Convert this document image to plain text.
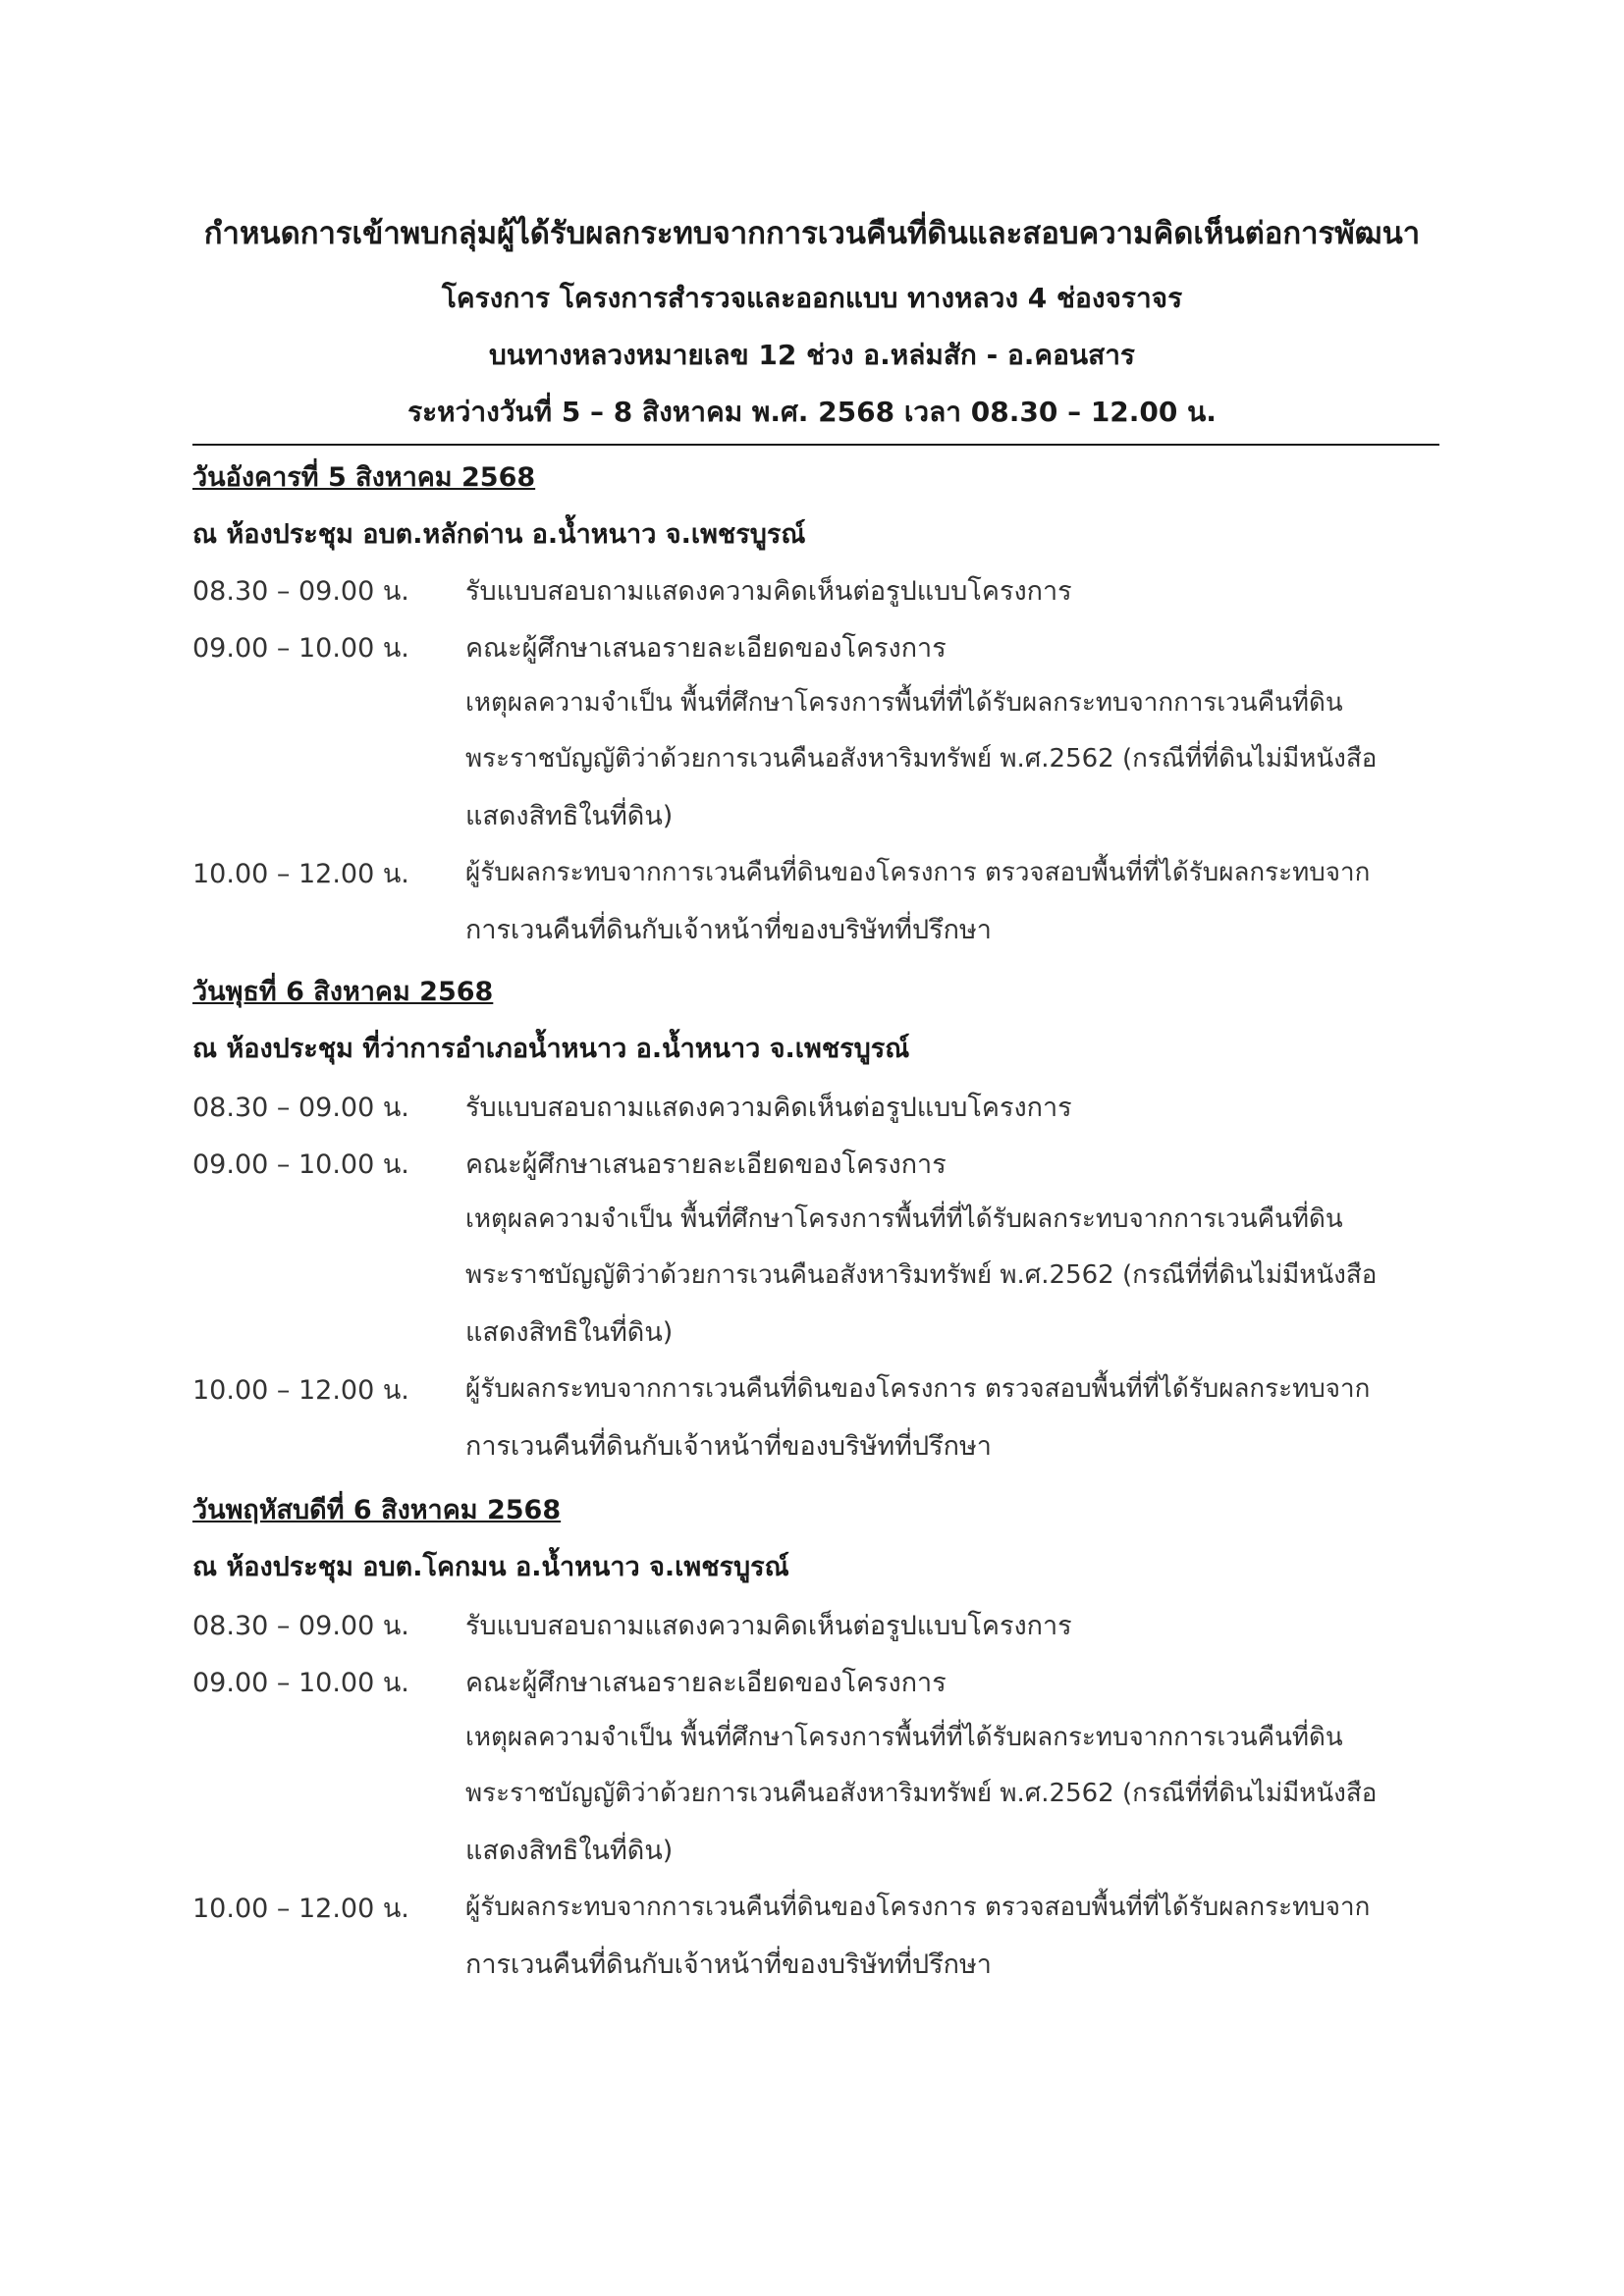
กำหนดการเข้าพบกลุ่มผู้ได้รับผลกระทบจากการเวนคืนที่ดินและสอบความคิดเห็นต่อการพัฒนา
โครงการ โครงการสำรวจและออกแบบ ทางหลวง 4 ช่องจราจร
บนทางหลวงหมายเลข 12 ช่วง อ.หล่มสัก - อ.คอนสาร
ระหว่างวันที่ 5 – 8 สิงหาคม พ.ศ. 2568 เวลา 08.30 – 12.00 น.
วันอังคารที่ 5 สิงหาคม 2568
ณ ห้องประชุม อบต.หลักด่าน อ.น้ำหนาว จ.เพชรบูรณ์
08.30 – 09.00 น. รับแบบสอบถามแสดงความคิดเห็นต่อรูปแบบโครงการ
09.00 – 10.00 น. คณะผู้ศึกษาเสนอรายละเอียดของโครงการ
เหตุผลความจำเป็น พื้นที่ศึกษาโครงการพื้นที่ที่ได้รับผลกระทบจากการเวนคืนที่ดิน
พระราชบัญญัติว่าด้วยการเวนคืนอสังหาริมทรัพย์ พ.ศ.2562 (กรณีที่ที่ดินไม่มีหนังสือ
แสดงสิทธิในที่ดิน)
10.00 – 12.00 น. ผู้รับผลกระทบจากการเวนคืนที่ดินของโครงการ ตรวจสอบพื้นที่ที่ได้รับผลกระทบจาก
การเวนคืนที่ดินกับเจ้าหน้าที่ของบริษัทที่ปรึกษา
วันพุธที่ 6 สิงหาคม 2568
ณ ห้องประชุม ที่ว่าการอำเภอน้ำหนาว อ.น้ำหนาว จ.เพชรบูรณ์
08.30 – 09.00 น. รับแบบสอบถามแสดงความคิดเห็นต่อรูปแบบโครงการ
09.00 – 10.00 น. คณะผู้ศึกษาเสนอรายละเอียดของโครงการ
เหตุผลความจำเป็น พื้นที่ศึกษาโครงการพื้นที่ที่ได้รับผลกระทบจากการเวนคืนที่ดิน
พระราชบัญญัติว่าด้วยการเวนคืนอสังหาริมทรัพย์ พ.ศ.2562 (กรณีที่ที่ดินไม่มีหนังสือ
แสดงสิทธิในที่ดิน)
10.00 – 12.00 น. ผู้รับผลกระทบจากการเวนคืนที่ดินของโครงการ ตรวจสอบพื้นที่ที่ได้รับผลกระทบจาก
การเวนคืนที่ดินกับเจ้าหน้าที่ของบริษัทที่ปรึกษา
วันพฤหัสบดีที่ 6 สิงหาคม 2568
ณ ห้องประชุม อบต.โคกมน อ.น้ำหนาว จ.เพชรบูรณ์
08.30 – 09.00 น. รับแบบสอบถามแสดงความคิดเห็นต่อรูปแบบโครงการ
09.00 – 10.00 น. คณะผู้ศึกษาเสนอรายละเอียดของโครงการ
เหตุผลความจำเป็น พื้นที่ศึกษาโครงการพื้นที่ที่ได้รับผลกระทบจากการเวนคืนที่ดิน
พระราชบัญญัติว่าด้วยการเวนคืนอสังหาริมทรัพย์ พ.ศ.2562 (กรณีที่ที่ดินไม่มีหนังสือ
แสดงสิทธิในที่ดิน)
10.00 – 12.00 น. ผู้รับผลกระทบจากการเวนคืนที่ดินของโครงการ ตรวจสอบพื้นที่ที่ได้รับผลกระทบจาก
การเวนคืนที่ดินกับเจ้าหน้าที่ของบริษัทที่ปรึกษา
